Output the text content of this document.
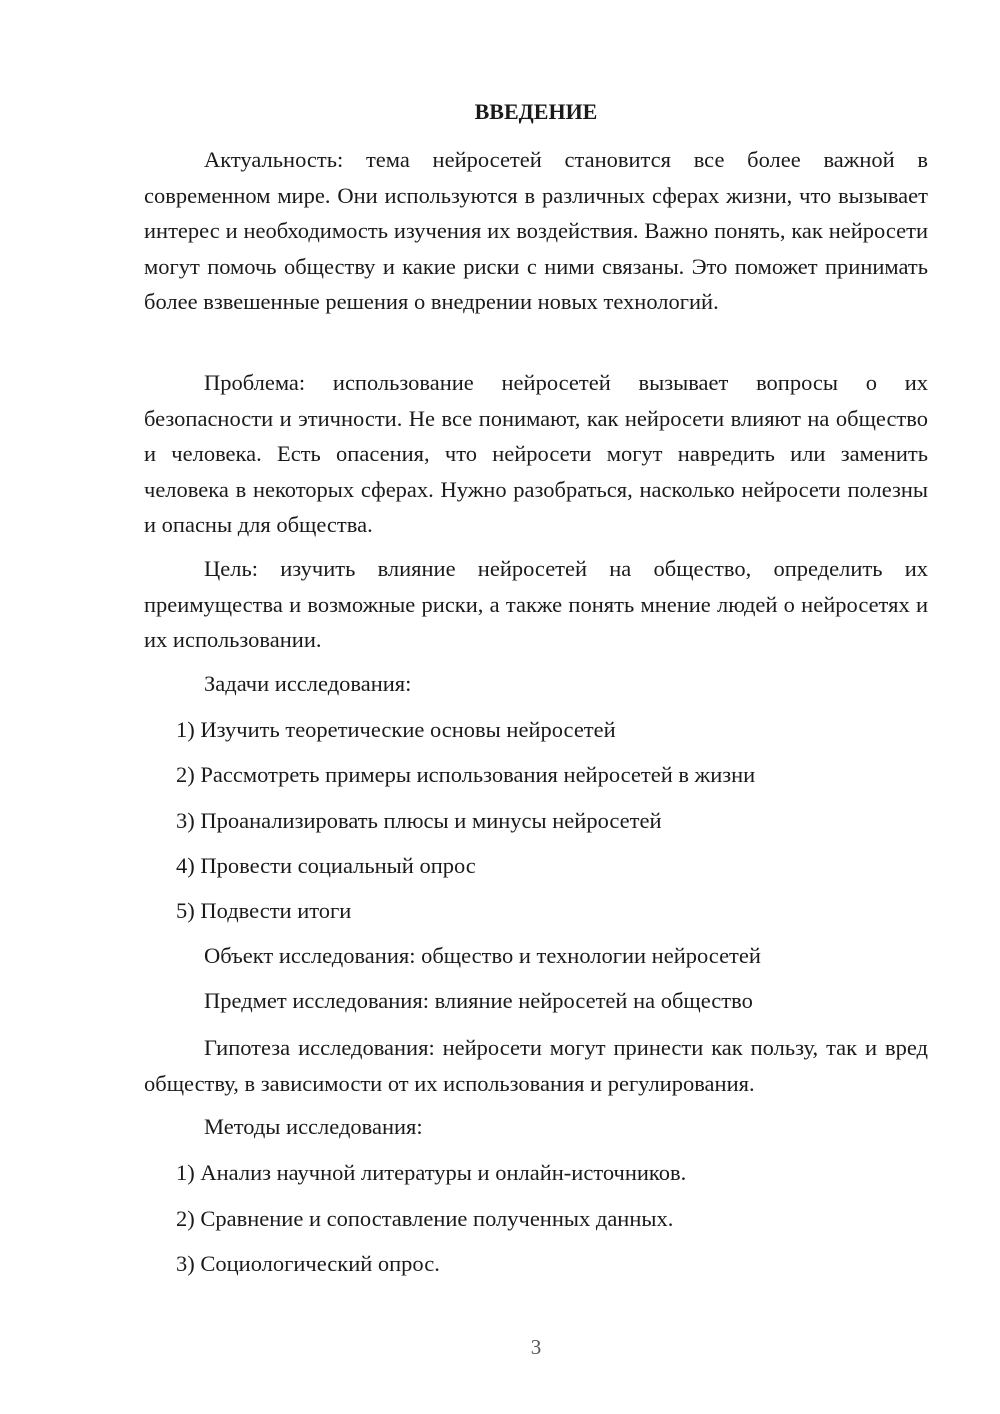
ВВЕДЕНИЕ

Актуальность: тема нейросетей становится все более важной в современном мире. Они используются в различных сферах жизни, что вызывает интерес и необходимость изучения их воздействия. Важно понять, как нейросети могут помочь обществу и какие риски с ними связаны. Это поможет принимать более взвешенные решения о внедрении новых технологий.

Проблема: использование нейросетей вызывает вопросы о их безопасности и этичности. Не все понимают, как нейросети влияют на общество и человека. Есть опасения, что нейросети могут навредить или заменить человека в некоторых сферах. Нужно разобраться, насколько нейросети полезны и опасны для общества.

Цель: изучить влияние нейросетей на общество, определить их преимущества и возможные риски, а также понять мнение людей о нейросетях и их использовании.

Задачи исследования:

1) Изучить теоретические основы нейросетей

2) Рассмотреть примеры использования нейросетей в жизни

3) Проанализировать плюсы и минусы нейросетей

4) Провести социальный опрос

5) Подвести итоги

Объект исследования: общество и технологии нейросетей

Предмет исследования: влияние нейросетей на общество

Гипотеза исследования: нейросети могут принести как пользу, так и вред обществу, в зависимости от их использования и регулирования.

Методы исследования:

1) Анализ научной литературы и онлайн-источников.

2) Сравнение и сопоставление полученных данных.

3) Социологический опрос.

3
